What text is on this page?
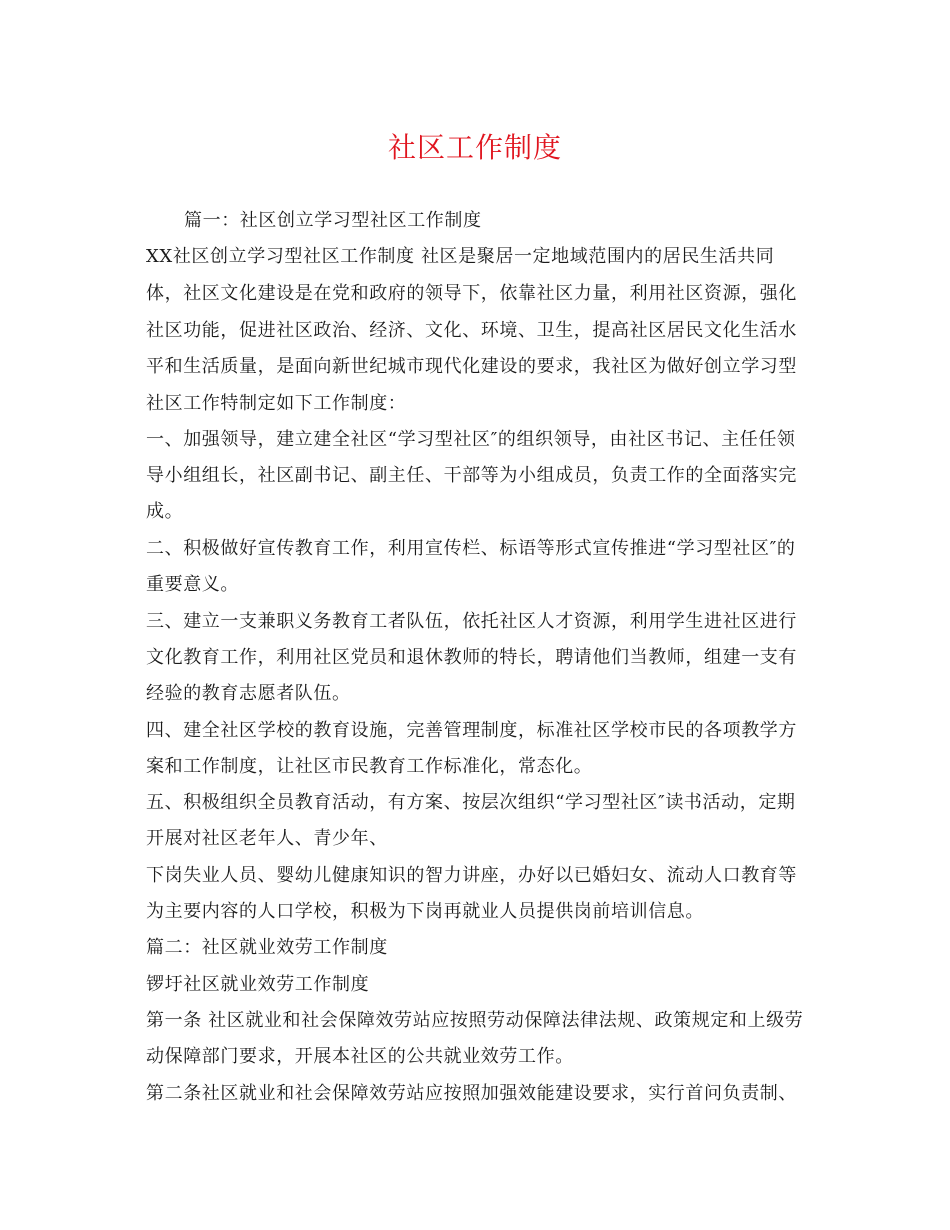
社区工作制度
篇一：社区创立学习型社区工作制度
XX社区创立学习型社区工作制度 社区是聚居一定地域范围内的居民生活共同
体，社区文化建设是在党和政府的领导下，依靠社区力量，利用社区资源，强化
社区功能，促进社区政治、经济、文化、环境、卫生，提高社区居民文化生活水
平和生活质量，是面向新世纪城市现代化建设的要求，我社区为做好创立学习型
社区工作特制定如下工作制度：
一、加强领导，建立建全社区“学习型社区″的组织领导，由社区书记、主任任领
导小组组长，社区副书记、副主任、干部等为小组成员，负责工作的全面落实完
成。
二、积极做好宣传教育工作，利用宣传栏、标语等形式宣传推进“学习型社区″的
重要意义。
三、建立一支兼职义务教育工者队伍，依托社区人才资源，利用学生进社区进行
文化教育工作，利用社区党员和退休教师的特长，聘请他们当教师，组建一支有
经验的教育志愿者队伍。
四、建全社区学校的教育设施，完善管理制度，标准社区学校市民的各项教学方
案和工作制度，让社区市民教育工作标准化，常态化。
五、积极组织全员教育活动，有方案、按层次组织“学习型社区″读书活动，定期
开展对社区老年人、青少年、
下岗失业人员、婴幼儿健康知识的智力讲座，办好以已婚妇女、流动人口教育等
为主要内容的人口学校，积极为下岗再就业人员提供岗前培训信息。
篇二：社区就业效劳工作制度
锣圩社区就业效劳工作制度
第一条 社区就业和社会保障效劳站应按照劳动保障法律法规、政策规定和上级劳
动保障部门要求，开展本社区的公共就业效劳工作。
第二条社区就业和社会保障效劳站应按照加强效能建设要求，实行首问负责制、
